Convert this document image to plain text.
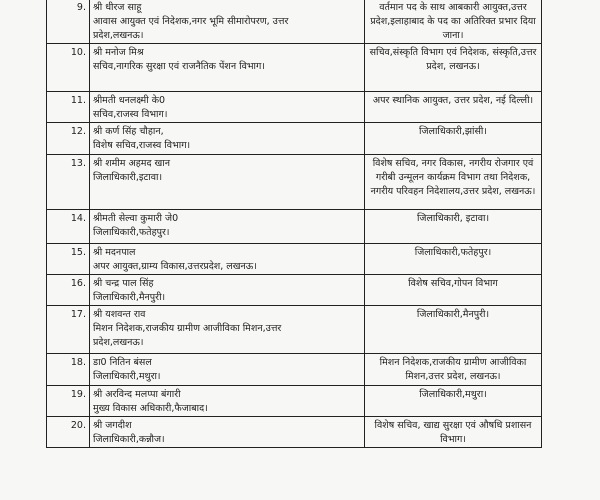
9.	श्री धीरज साहू
आवास आयुक्त एवं निदेशक,नगर भूमि सीमारोपरण, उत्तर
प्रदेश,लखनऊ।	वर्तमान पद के साथ आबकारी आयुक्त,उत्तर प्रदेश,इलाहाबाद के पद का अतिरिक्त प्रभार दिया जाना।

10.	श्री मनोज मिश्र
सचिव,नागरिक सुरक्षा एवं राजनैतिक पेंशन विभाग।	सचिव,संस्कृति विभाग एवं निदेशक, संस्कृति,उत्तर प्रदेश, लखनऊ।

11.	श्रीमती धनलक्ष्मी के0
सचिव,राजस्व विभाग।	अपर स्थानिक आयुक्त, उत्तर प्रदेश, नई दिल्ली।

12.	श्री कर्ण सिंह चौहान,
विशेष सचिव,राजस्व विभाग।	जिलाधिकारी,झांसी।

13.	श्री शमीम अहमद खान
जिलाधिकारी,इटावा।	विशेष सचिव, नगर विकास, नगरीय रोजगार एवं गरीबी उन्मूलन कार्यक्रम विभाग तथा निदेशक, नगरीय परिवहन निदेशालय,उत्तर प्रदेश, लखनऊ।

14.	श्रीमती सेल्वा कुमारी जे0
जिलाधिकारी,फतेहपुर।	जिलाधिकारी, इटावा।

15.	श्री मदनपाल
अपर आयुक्त,ग्राम्य विकास,उत्तरप्रदेश, लखनऊ।	जिलाधिकारी,फतेहपुर।

16.	श्री चन्द्र पाल सिंह
जिलाधिकारी,मैनपुरी।	विशेष सचिव,गोपन विभाग

17.	श्री यशवन्त राव
मिशन निदेशक,राजकीय ग्रामीण आजीविका मिशन,उत्तर
प्रदेश,लखनऊ।	जिलाधिकारी,मैनपुरी।

18.	डा0 नितिन बंसल
जिलाधिकारी,मथुरा।	मिशन निदेशक,राजकीय ग्रामीण आजीविका मिशन,उत्तर प्रदेश, लखनऊ।

19.	श्री अरविन्द मलप्पा बंगारी
मुख्य विकास अधिकारी,फैजाबाद।	जिलाधिकारी,मथुरा।

20.	श्री जगदीश
जिलाधिकारी,कन्नौज।	विशेष सचिव, खाद्य सुरक्षा एवं औषधि प्रशासन विभाग।
